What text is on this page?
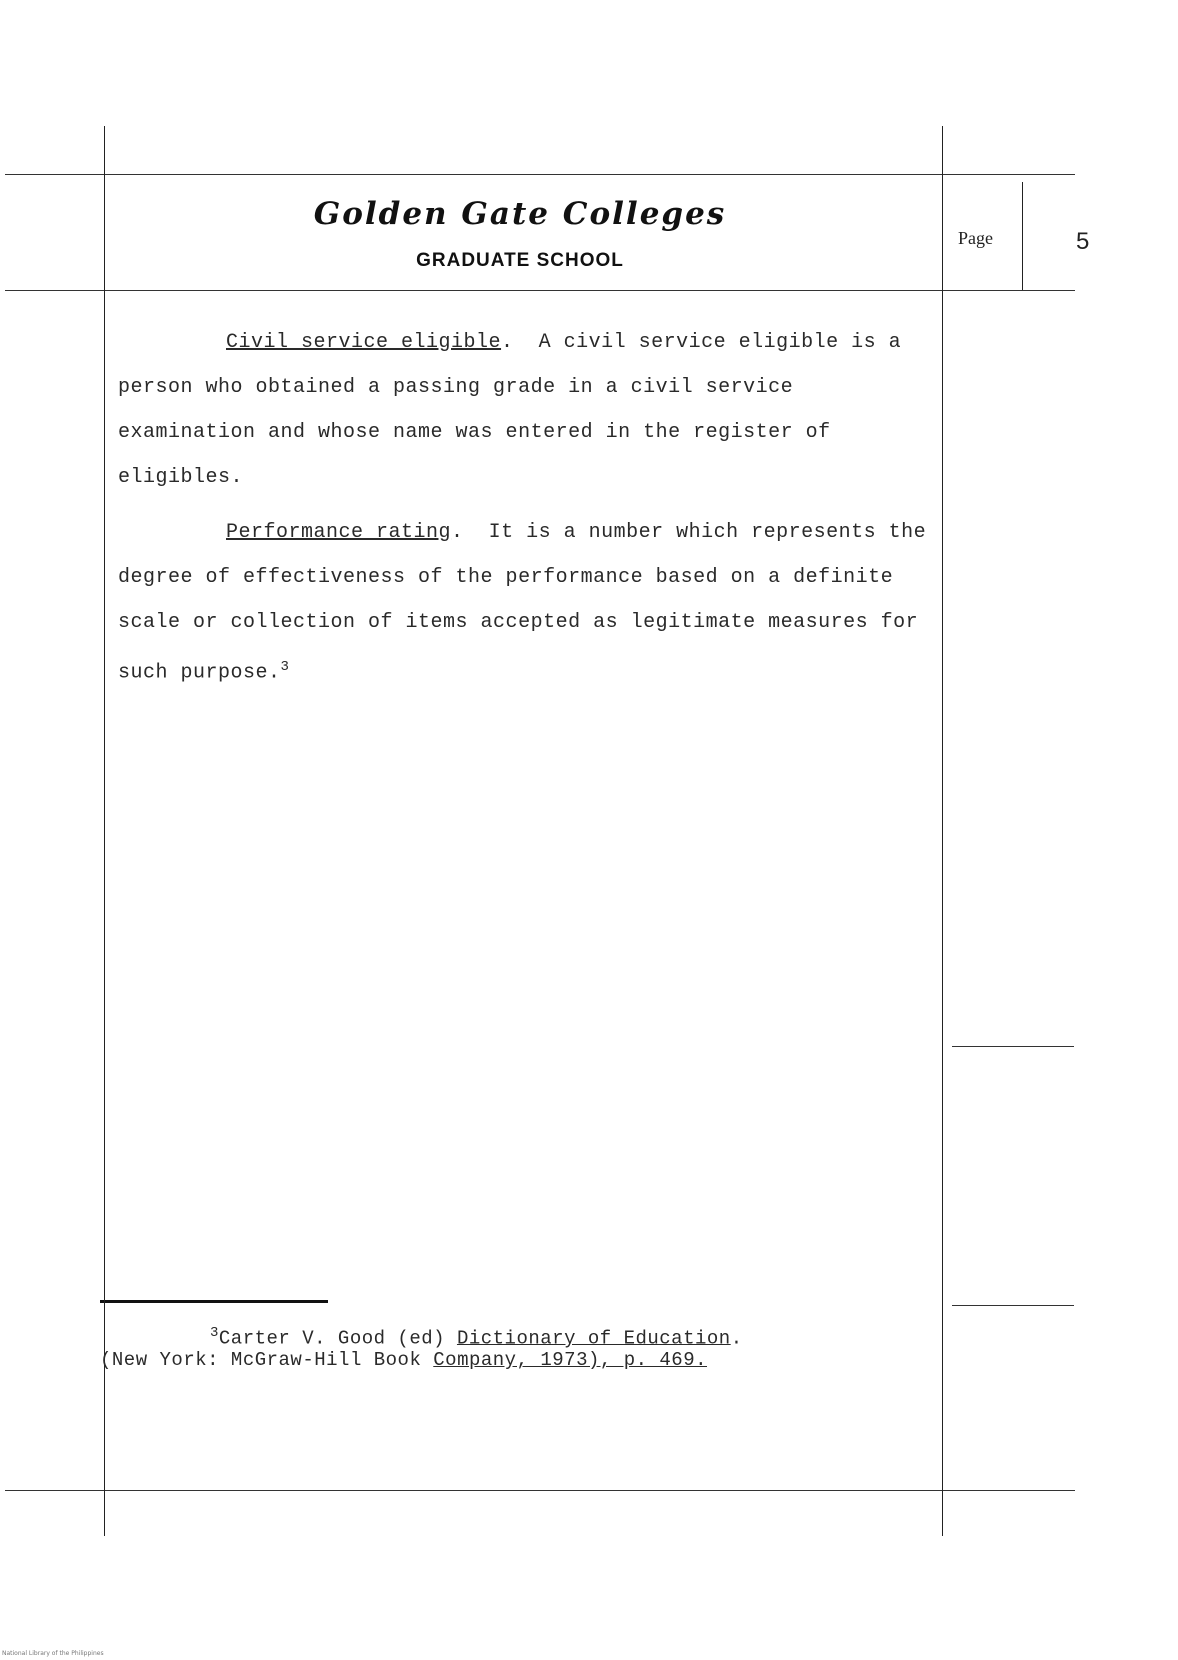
Golden Gate Colleges
GRADUATE SCHOOL
Page	5
Civil service eligible. A civil service eligible is a person who obtained a passing grade in a civil service examination and whose name was entered in the register of eligibles.
Performance rating. It is a number which represents the degree of effectiveness of the performance based on a definite scale or collection of items accepted as legitimate measures for such purpose.$^3$
$^3$Carter V. Good (ed) Dictionary of Education.
(New York: McGraw-Hill Book Company, 1973), p. 469.
National Library of the Philippines
